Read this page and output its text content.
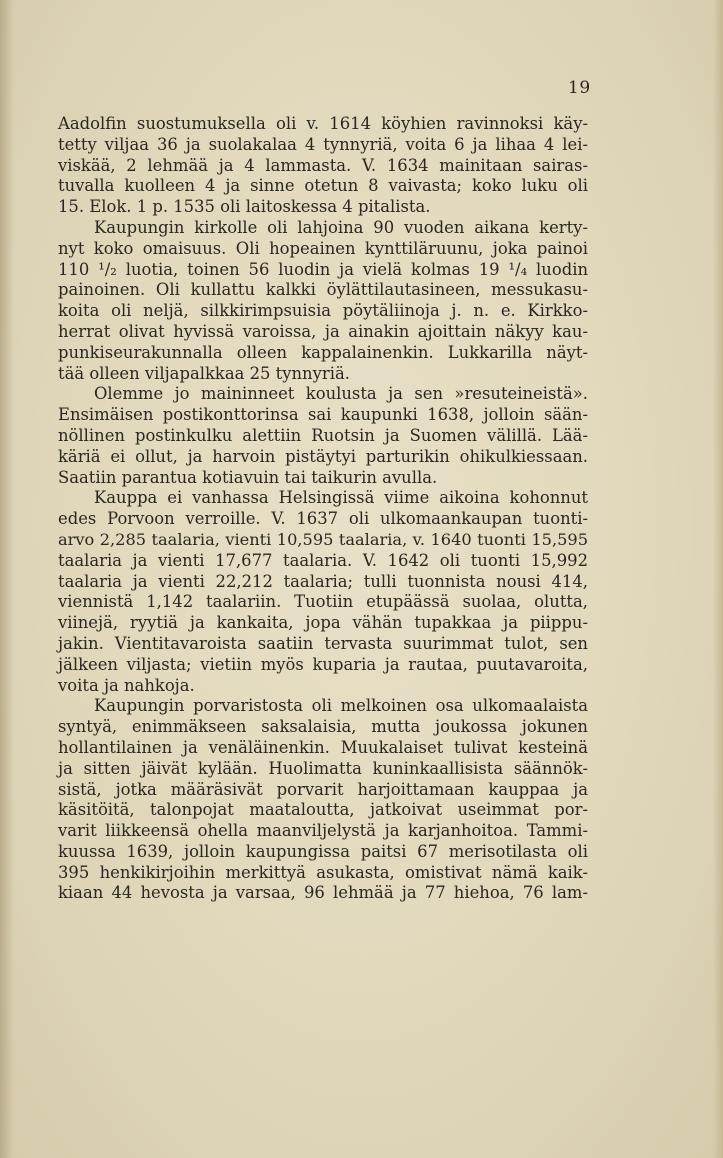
19
Aadolfin suostumuksella oli v. 1614 köyhien ravinnoksi käy-
tetty viljaa 36 ja suolakalaa 4 tynnyriä, voita 6 ja lihaa 4 lei-
viskää, 2 lehmää ja 4 lammasta. V. 1634 mainitaan sairas-
tuvalla kuolleen 4 ja sinne otetun 8 vaivasta; koko luku oli
15. Elok. 1 p. 1535 oli laitoskessa 4 pitalista.
Kaupungin kirkolle oli lahjoina 90 vuoden aikana kerty-
nyt koko omaisuus. Oli hopeainen kynttiläruunu, joka painoi
110 ¹/₂ luotia, toinen 56 luodin ja vielä kolmas 19 ¹/₄ luodin
painoinen. Oli kullattu kalkki öylättilautasineen, messukasu-
koita oli neljä, silkkirimpsuisia pöytäliinoja j. n. e. Kirkko-
herrat olivat hyvissä varoissa, ja ainakin ajoittain näkyy kau-
punkiseurakunnalla olleen kappalainenkin. Lukkarilla näyt-
tää olleen viljapalkkaa 25 tynnyriä.
Olemme jo maininneet koulusta ja sen »resuteineistä».
Ensimäisen postikonttorinsa sai kaupunki 1638, jolloin sään-
nöllinen postinkulku alettiin Ruotsin ja Suomen välillä. Lää-
käriä ei ollut, ja harvoin pistäytyi parturikin ohikulkiessaan.
Saatiin parantua kotiavuin tai taikurin avulla.
Kauppa ei vanhassa Helsingissä viime aikoina kohonnut
edes Porvoon verroille. V. 1637 oli ulkomaankaupan tuonti-
arvo 2,285 taalaria, vienti 10,595 taalaria, v. 1640 tuonti 15,595
taalaria ja vienti 17,677 taalaria. V. 1642 oli tuonti 15,992
taalaria ja vienti 22,212 taalaria; tulli tuonnista nousi 414,
viennistä 1,142 taalariin. Tuotiin etupäässä suolaa, olutta,
viinejä, ryytiä ja kankaita, jopa vähän tupakkaa ja piippu-
jakin. Vientitavaroista saatiin tervasta suurimmat tulot, sen
jälkeen viljasta; vietiin myös kuparia ja rautaa, puutavaroita,
voita ja nahkoja.
Kaupungin porvaristosta oli melkoinen osa ulkomaalaista
syntyä, enimmäkseen saksalaisia, mutta joukossa jokunen
hollantilainen ja venäläinenkin. Muukalaiset tulivat kesteinä
ja sitten jäivät kylään. Huolimatta kuninkaallisista säännök-
sistä, jotka määräsivät porvarit harjoittamaan kauppaa ja
käsitöitä, talonpojat maataloutta, jatkoivat useimmat por-
varit liikkeensä ohella maanviljelystä ja karjanhoitoa. Tammi-
kuussa 1639, jolloin kaupungissa paitsi 67 merisotilasta oli
395 henkikirjoihin merkittyä asukasta, omistivat nämä kaik-
kiaan 44 hevosta ja varsaa, 96 lehmää ja 77 hiehoa, 76 lam-
